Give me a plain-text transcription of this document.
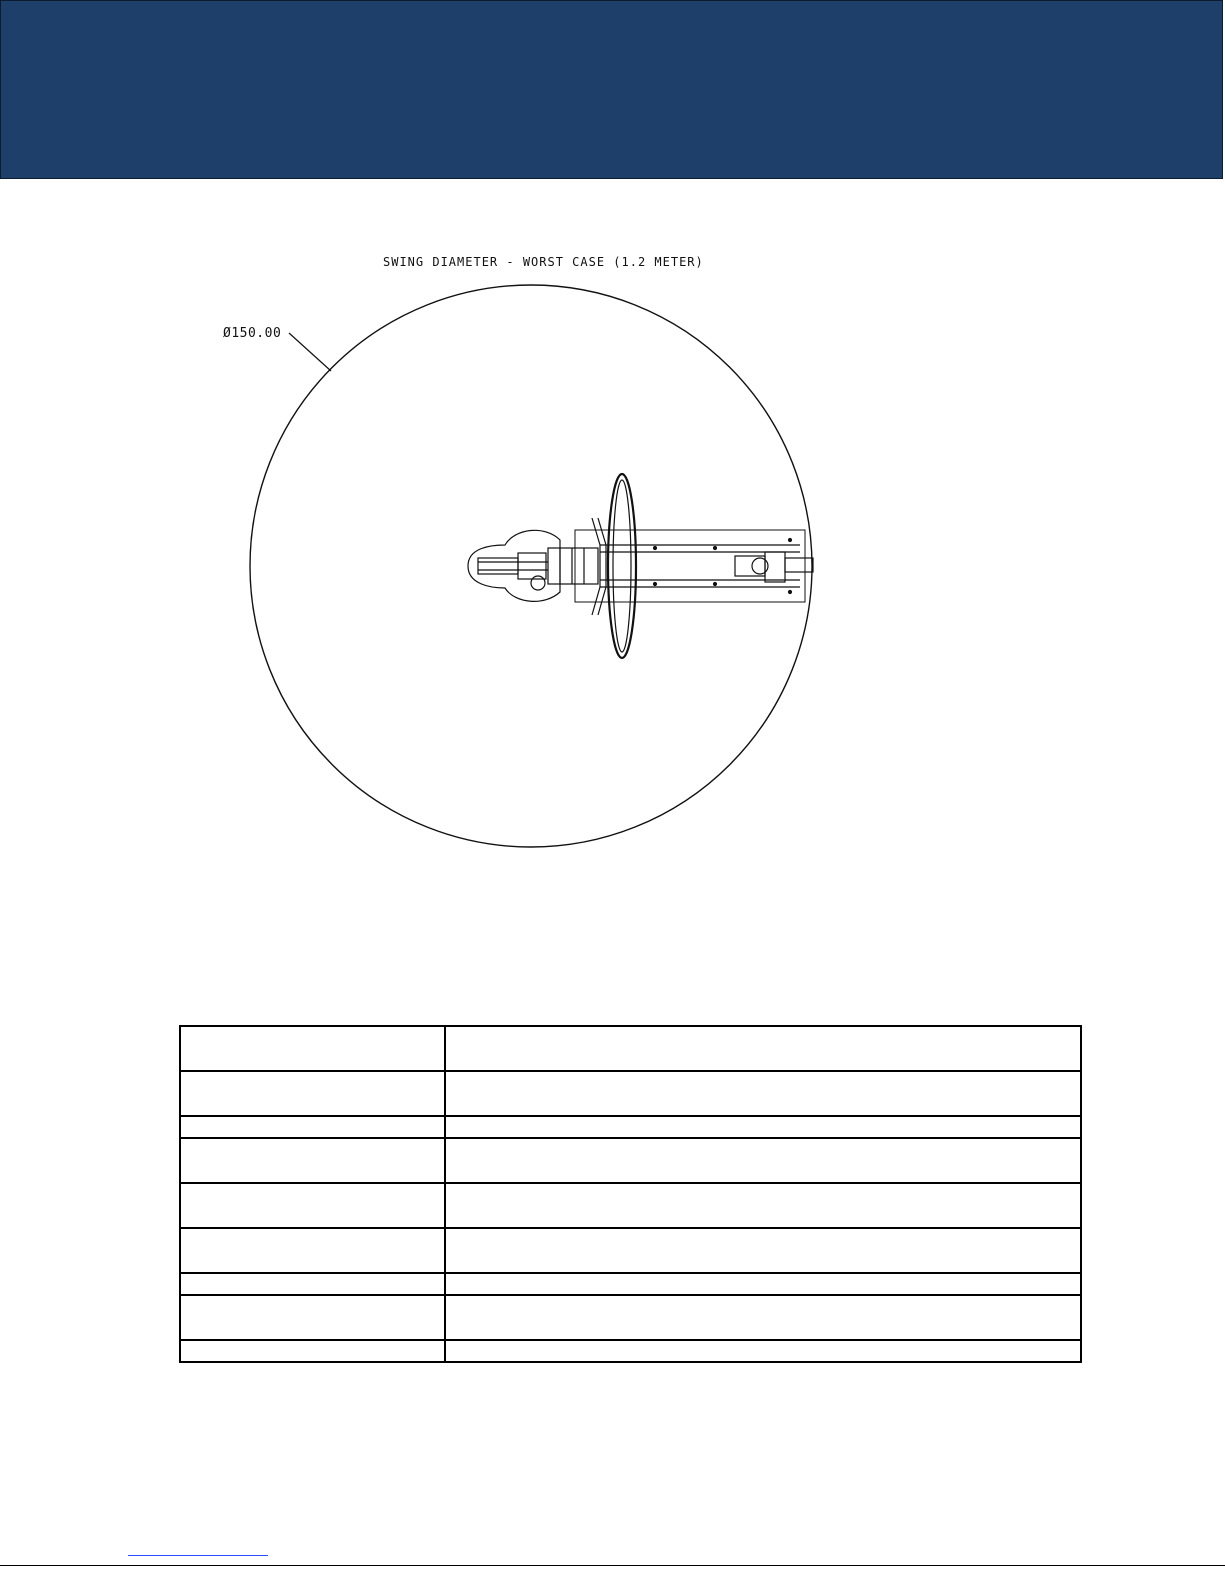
SWING DIAMETER - WORST CASE (1.2 METER)
Ø150.00
